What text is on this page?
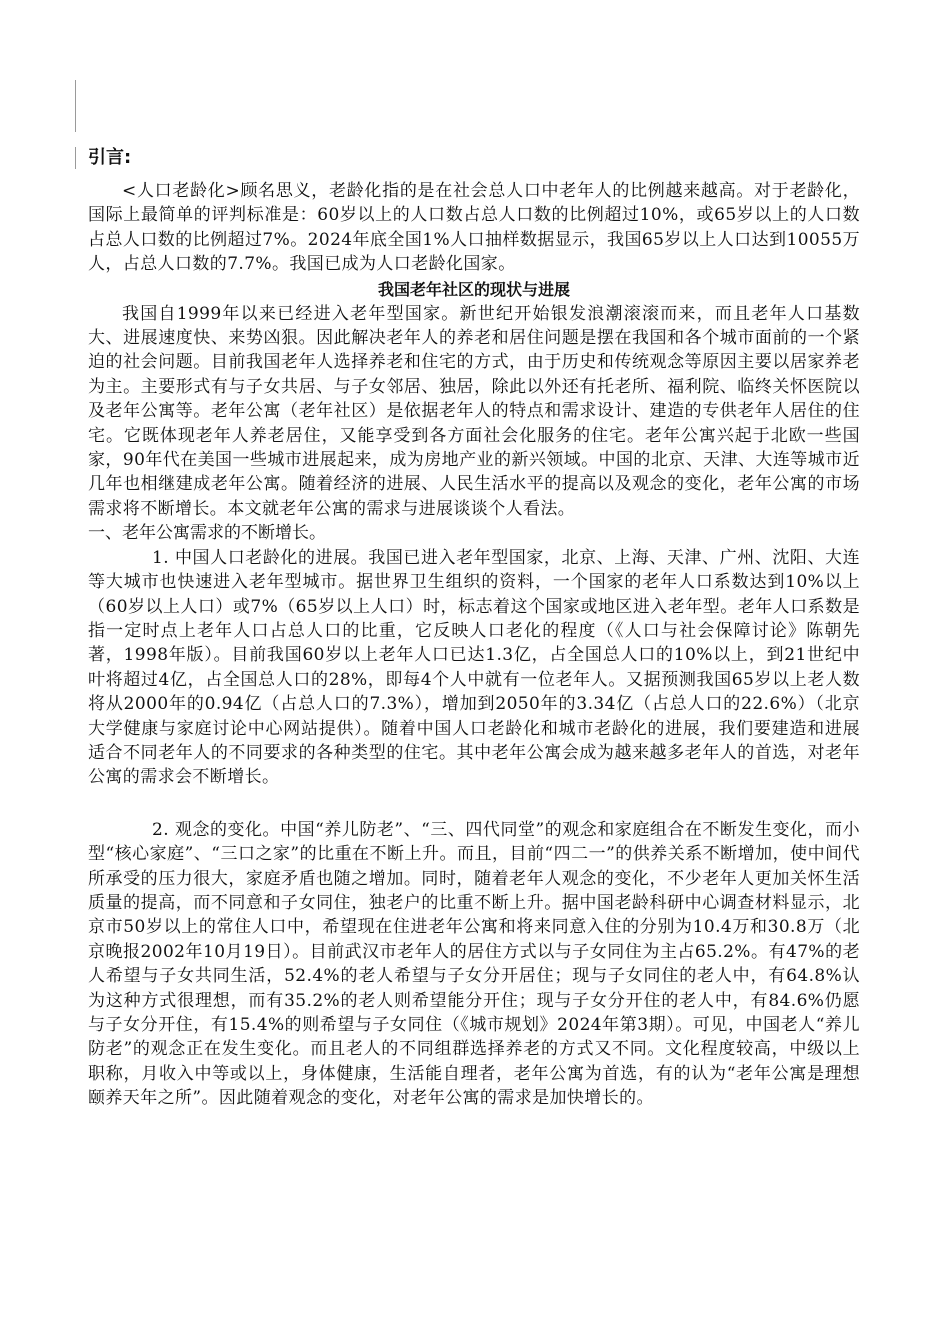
引言:

<人口老龄化>顾名思义，老龄化指的是在社会总人口中老年人的比例越来越高。对于老龄化，国际上最简单的评判标准是：60岁以上的人口数占总人口数的比例超过10%，或65岁以上的人口数占总人口数的比例超过7%。2024年底全国1%人口抽样数据显示，我国65岁以上人口达到10055万人，占总人口数的7.7%。我国已成为人口老龄化国家。

我国老年社区的现状与进展

我国自1999年以来已经进入老年型国家。新世纪开始银发浪潮滚滚而来，而且老年人口基数大、进展速度快、来势凶狠。因此解决老年人的养老和居住问题是摆在我国和各个城市面前的一个紧迫的社会问题。目前我国老年人选择养老和住宅的方式，由于历史和传统观念等原因主要以居家养老为主。主要形式有与子女共居、与子女邻居、独居，除此以外还有托老所、福利院、临终关怀医院以及老年公寓等。老年公寓（老年社区）是依据老年人的特点和需求设计、建造的专供老年人居住的住宅。它既体现老年人养老居住，又能享受到各方面社会化服务的住宅。老年公寓兴起于北欧一些国家，90年代在美国一些城市进展起来，成为房地产业的新兴领域。中国的北京、天津、大连等城市近几年也相继建成老年公寓。随着经济的进展、人民生活水平的提高以及观念的变化，老年公寓的市场需求将不断增长。本文就老年公寓的需求与进展谈谈个人看法。

一、老年公寓需求的不断增长。

1. 中国人口老龄化的进展。我国已进入老年型国家，北京、上海、天津、广州、沈阳、大连等大城市也快速进入老年型城市。据世界卫生组织的资料，一个国家的老年人口系数达到10%以上（60岁以上人口）或7%（65岁以上人口）时，标志着这个国家或地区进入老年型。老年人口系数是指一定时点上老年人口占总人口的比重，它反映人口老化的程度（《人口与社会保障讨论》陈朝先著，1998年版）。目前我国60岁以上老年人口已达1.3亿，占全国总人口的10%以上，到21世纪中叶将超过4亿，占全国总人口的28%，即每4个人中就有一位老年人。又据预测我国65岁以上老人数将从2000年的0.94亿（占总人口的7.3%），增加到2050年的3.34亿（占总人口的22.6%）（北京大学健康与家庭讨论中心网站提供）。随着中国人口老龄化和城市老龄化的进展，我们要建造和进展适合不同老年人的不同要求的各种类型的住宅。其中老年公寓会成为越来越多老年人的首选，对老年公寓的需求会不断增长。

2. 观念的变化。中国“养儿防老”、“三、四代同堂”的观念和家庭组合在不断发生变化，而小型“核心家庭”、“三口之家”的比重在不断上升。而且，目前“四二一”的供养关系不断增加，使中间代所承受的压力很大，家庭矛盾也随之增加。同时，随着老年人观念的变化，不少老年人更加关怀生活质量的提高，而不同意和子女同住，独老户的比重不断上升。据中国老龄科研中心调查材料显示，北京市50岁以上的常住人口中，希望现在住进老年公寓和将来同意入住的分别为10.4万和30.8万（北京晚报2002年10月19日）。目前武汉市老年人的居住方式以与子女同住为主占65.2%。有47%的老人希望与子女共同生活，52.4%的老人希望与子女分开居住；现与子女同住的老人中，有64.8%认为这种方式很理想，而有35.2%的老人则希望能分开住；现与子女分开住的老人中，有84.6%仍愿与子女分开住，有15.4%的则希望与子女同住（《城市规划》2024年第3期）。可见，中国老人“养儿防老”的观念正在发生变化。而且老人的不同组群选择养老的方式又不同。文化程度较高，中级以上职称，月收入中等或以上，身体健康，生活能自理者，老年公寓为首选，有的认为“老年公寓是理想颐养天年之所”。因此随着观念的变化，对老年公寓的需求是加快增长的。
